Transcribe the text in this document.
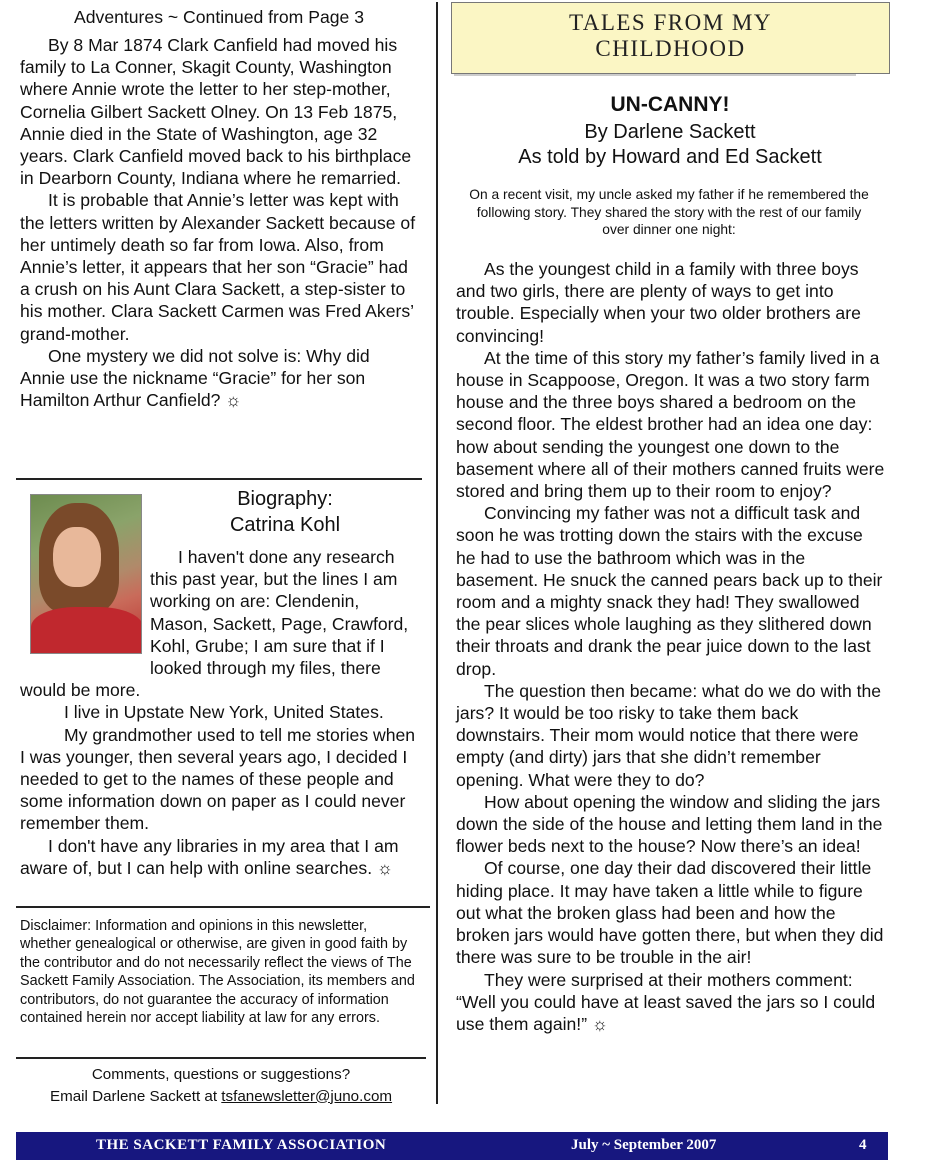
Adventures ~ Continued from Page 3

By 8 Mar 1874 Clark Canfield had moved his family to La Conner, Skagit County, Washington where Annie wrote the letter to her step-mother, Cornelia Gilbert Sackett Olney. On 13 Feb 1875, Annie died in the State of Washington, age 32 years. Clark Canfield moved back to his birthplace in Dearborn County, Indiana where he remarried.

It is probable that Annie’s letter was kept with the letters written by Alexander Sackett because of her untimely death so far from Iowa. Also, from Annie’s letter, it appears that her son “Gracie” had a crush on his Aunt Clara Sackett, a step-sister to his mother. Clara Sackett Carmen was Fred Akers’ grand-mother.

One mystery we did not solve is: Why did Annie use the nickname “Gracie” for her son Hamilton Arthur Canfield? ☼

Biography:
Catrina Kohl

I haven't done any research this past year, but the lines I am working on are: Clendenin, Mason, Sackett, Page, Crawford, Kohl, Grube; I am sure that if I looked through my files, there would be more.

I live in Upstate New York, United States.

My grandmother used to tell me stories when I was younger, then several years ago, I decided I needed to get to the names of these people and some information down on paper as I could never remember them.

I don't have any libraries in my area that I am aware of, but I can help with online searches. ☼

Disclaimer: Information and opinions in this newsletter, whether genealogical or otherwise, are given in good faith by the contributor and do not necessarily reflect the views of The Sackett Family Association. The Association, its members and contributors, do not guarantee the accuracy of information contained herein nor accept liability at law for any errors.
Comments, questions or suggestions?
Email Darlene Sackett at tsfanewsletter@juno.com
TALES FROM MY
CHILDHOOD
UN-CANNY!
By Darlene Sackett
As told by Howard and Ed Sackett
On a recent visit, my uncle asked my father if he remembered the following story. They shared the story with the rest of our family over dinner one night:

As the youngest child in a family with three boys and two girls, there are plenty of ways to get into trouble. Especially when your two older brothers are convincing!

At the time of this story my father’s family lived in a house in Scappoose, Oregon. It was a two story farm house and the three boys shared a bedroom on the second floor. The eldest brother had an idea one day: how about sending the youngest one down to the basement where all of their mothers canned fruits were stored and bring them up to their room to enjoy?

Convincing my father was not a difficult task and soon he was trotting down the stairs with the excuse he had to use the bathroom which was in the basement. He snuck the canned pears back up to their room and a mighty snack they had! They swallowed the pear slices whole laughing as they slithered down their throats and drank the pear juice down to the last drop.

The question then became: what do we do with the jars? It would be too risky to take them back downstairs. Their mom would notice that there were empty (and dirty) jars that she didn’t remember opening. What were they to do?

How about opening the window and sliding the jars down the side of the house and letting them land in the flower beds next to the house? Now there’s an idea!

Of course, one day their dad discovered their little hiding place. It may have taken a little while to figure out what the broken glass had been and how the broken jars would have gotten there, but when they did there was sure to be trouble in the air!

They were surprised at their mothers comment: “Well you could have at least saved the jars so I could use them again!” ☼

THE SACKETT FAMILY ASSOCIATION	July ~ September 2007	4
